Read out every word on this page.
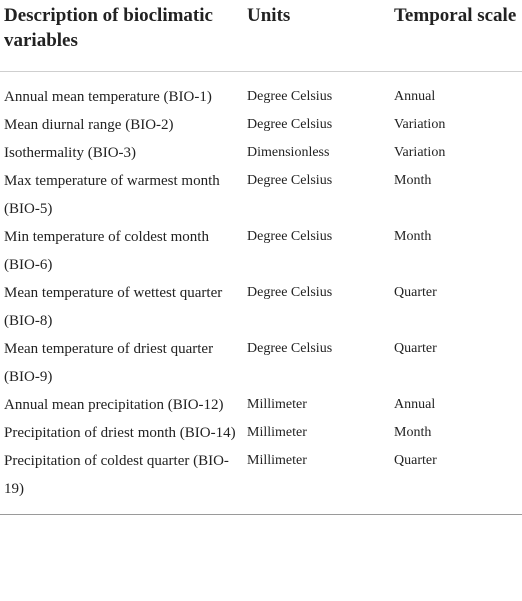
Description of bioclimatic variables	Units	Temporal scale
Annual mean temperature (BIO-1)	Degree Celsius	Annual
Mean diurnal range (BIO-2)	Degree Celsius	Variation
Isothermality (BIO-3)	Dimensionless	Variation
Max temperature of warmest month (BIO-5)	Degree Celsius	Month
Min temperature of coldest month (BIO-6)	Degree Celsius	Month
Mean temperature of wettest quarter (BIO-8)	Degree Celsius	Quarter
Mean temperature of driest quarter (BIO-9)	Degree Celsius	Quarter
Annual mean precipitation (BIO-12)	Millimeter	Annual
Precipitation of driest month (BIO-14)	Millimeter	Month
Precipitation of coldest quarter (BIO-19)	Millimeter	Quarter
